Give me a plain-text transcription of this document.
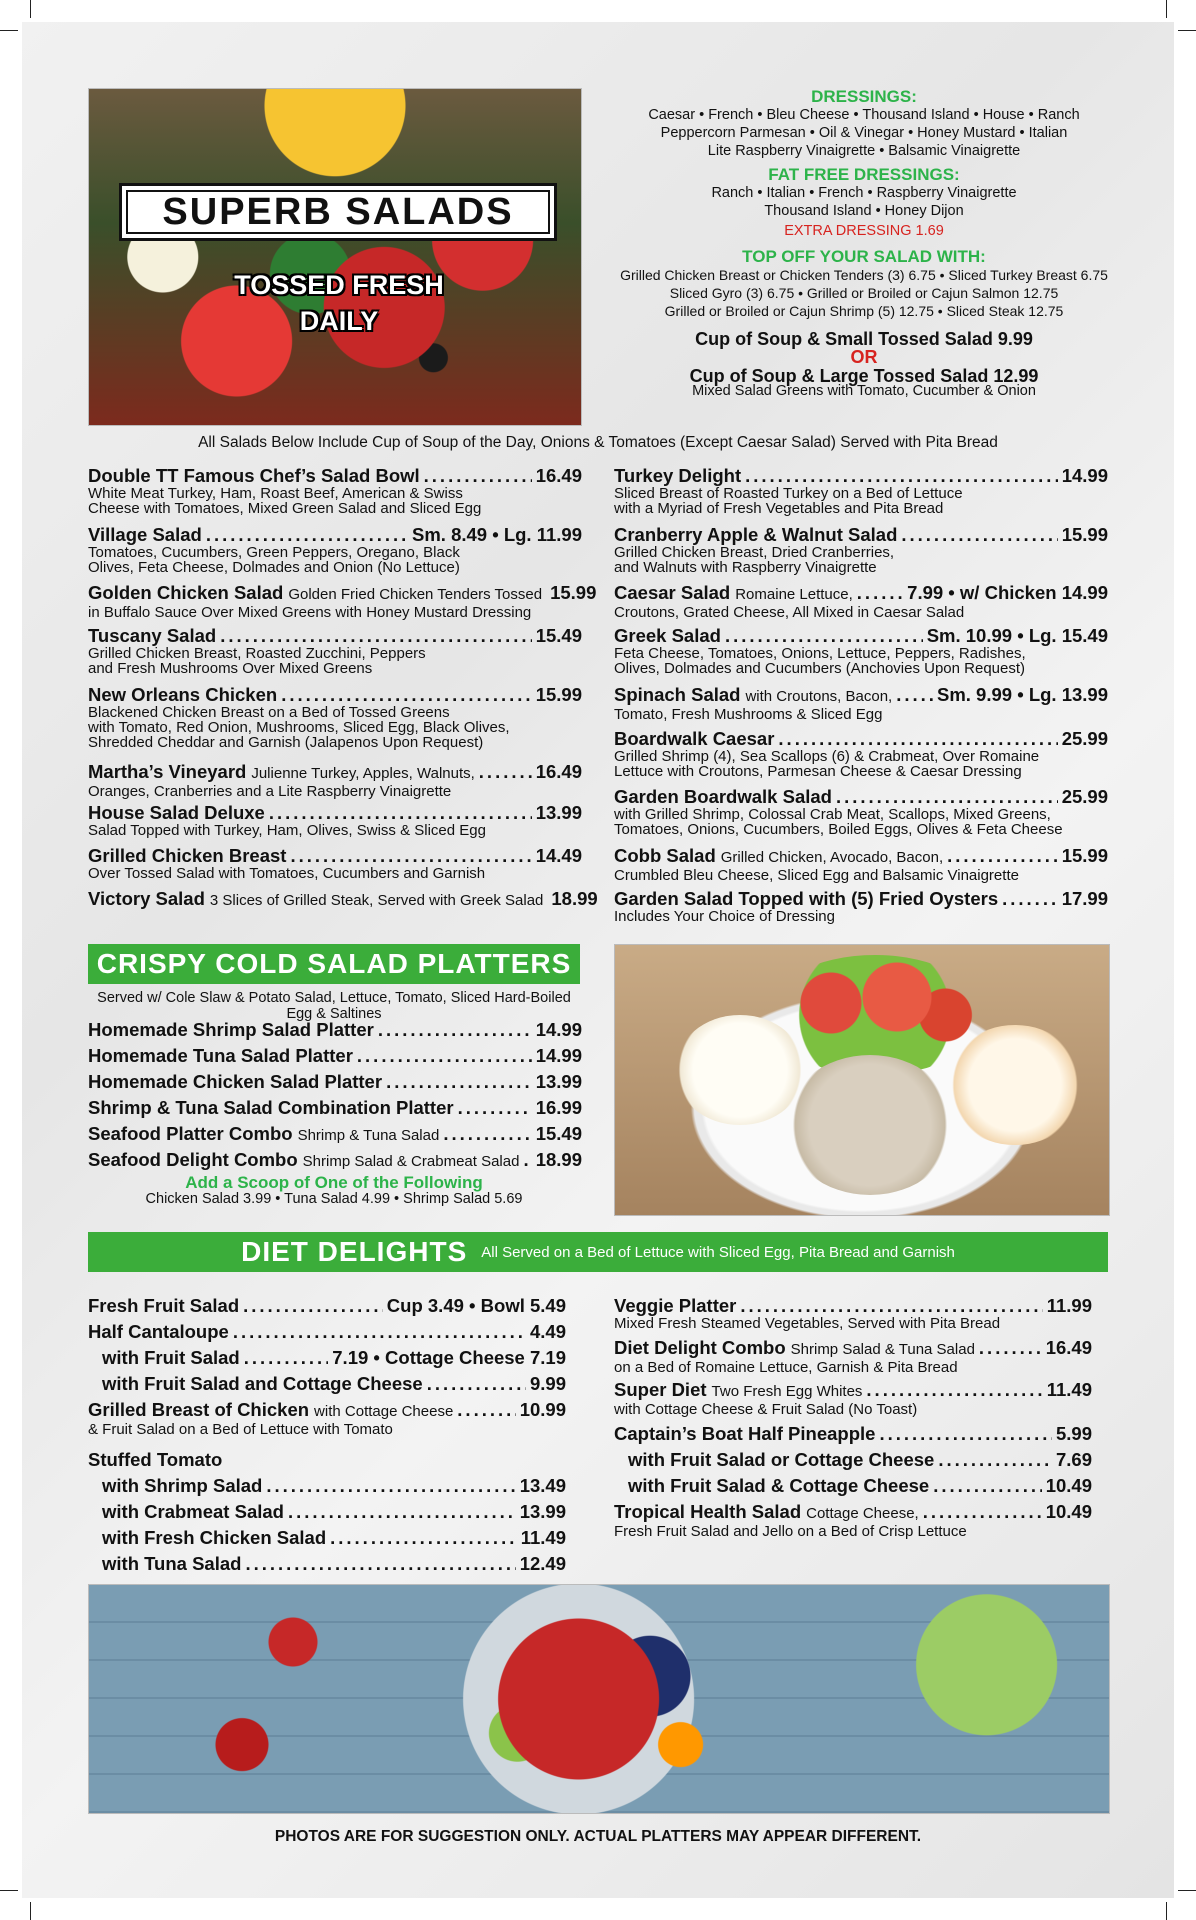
SUPERB SALADS
TOSSED FRESH DAILY
DRESSINGS:
Caesar • French • Bleu Cheese • Thousand Island • House • Ranch
Peppercorn Parmesan • Oil & Vinegar • Honey Mustard • Italian
Lite Raspberry Vinaigrette • Balsamic Vinaigrette
FAT FREE DRESSINGS:
Ranch • Italian • French • Raspberry Vinaigrette
Thousand Island • Honey Dijon
EXTRA DRESSING 1.69
TOP OFF YOUR SALAD WITH:
Grilled Chicken Breast or Chicken Tenders (3) 6.75 • Sliced Turkey Breast 6.75
Sliced Gyro (3) 6.75 • Grilled or Broiled or Cajun Salmon 12.75
Grilled or Broiled or Cajun Shrimp (5) 12.75 • Sliced Steak 12.75
Cup of Soup & Small Tossed Salad 9.99
OR
Cup of Soup & Large Tossed Salad 12.99
Mixed Salad Greens with Tomato, Cucumber & Onion
All Salads Below Include Cup of Soup of the Day, Onions & Tomatoes (Except Caesar Salad) Served with Pita Bread
Double TT Famous Chef’s Salad Bowl .....	16.49
White Meat Turkey, Ham, Roast Beef, American & Swiss
Cheese with Tomatoes, Mixed Green Salad and Sliced Egg
Village Salad .....	Sm. 8.49 • Lg. 11.99
Tomatoes, Cucumbers, Green Peppers, Oregano, Black
Olives, Feta Cheese, Dolmades and Onion (No Lettuce)
Golden Chicken Salad Golden Fried Chicken Tenders Tossed 15.99
in Buffalo Sauce Over Mixed Greens with Honey Mustard Dressing
Tuscany Salad .....	15.49
Grilled Chicken Breast, Roasted Zucchini, Peppers
and Fresh Mushrooms Over Mixed Greens
New Orleans Chicken .....	15.99
Blackened Chicken Breast on a Bed of Tossed Greens
with Tomato, Red Onion, Mushrooms, Sliced Egg, Black Olives,
Shredded Cheddar and Garnish (Jalapenos Upon Request)
Martha’s Vineyard Julienne Turkey, Apples, Walnuts, .....	16.49
Oranges, Cranberries and a Lite Raspberry Vinaigrette
House Salad Deluxe .....	13.99
Salad Topped with Turkey, Ham, Olives, Swiss & Sliced Egg
Grilled Chicken Breast .....	14.49
Over Tossed Salad with Tomatoes, Cucumbers and Garnish
Victory Salad 3 Slices of Grilled Steak, Served with Greek Salad 18.99
Turkey Delight .....	14.99
Sliced Breast of Roasted Turkey on a Bed of Lettuce
with a Myriad of Fresh Vegetables and Pita Bread
Cranberry Apple & Walnut Salad .....	15.99
Grilled Chicken Breast, Dried Cranberries,
and Walnuts with Raspberry Vinaigrette
Caesar Salad Romaine Lettuce, .....	7.99 • w/ Chicken 14.99
Croutons, Grated Cheese, All Mixed in Caesar Salad
Greek Salad .....	Sm. 10.99 • Lg. 15.49
Feta Cheese, Tomatoes, Onions, Lettuce, Peppers, Radishes,
Olives, Dolmades and Cucumbers (Anchovies Upon Request)
Spinach Salad with Croutons, Bacon, ..... Sm. 9.99 • Lg. 13.99
Tomato, Fresh Mushrooms & Sliced Egg
Boardwalk Caesar .....	25.99
Grilled Shrimp (4), Sea Scallops (6) & Crabmeat, Over Romaine
Lettuce with Croutons, Parmesan Cheese & Caesar Dressing
Garden Boardwalk Salad .....	25.99
with Grilled Shrimp, Colossal Crab Meat, Scallops, Mixed Greens,
Tomatoes, Onions, Cucumbers, Boiled Eggs, Olives & Feta Cheese
Cobb Salad Grilled Chicken, Avocado, Bacon, .....	15.99
Crumbled Bleu Cheese, Sliced Egg and Balsamic Vinaigrette
Garden Salad Topped with (5) Fried Oysters .....	17.99
Includes Your Choice of Dressing
CRISPY COLD SALAD PLATTERS
Served w/ Cole Slaw & Potato Salad, Lettuce, Tomato, Sliced Hard-Boiled Egg & Saltines
Homemade Shrimp Salad Platter .....	14.99
Homemade Tuna Salad Platter .....	14.99
Homemade Chicken Salad Platter .....	13.99
Shrimp & Tuna Salad Combination Platter .....	16.99
Seafood Platter Combo Shrimp & Tuna Salad .....	15.49
Seafood Delight Combo Shrimp Salad & Crabmeat Salad ..... 18.99
Add a Scoop of One of the Following
Chicken Salad 3.99 • Tuna Salad 4.99 • Shrimp Salad 5.69
DIET DELIGHTS All Served on a Bed of Lettuce with Sliced Egg, Pita Bread and Garnish
Fresh Fruit Salad .....	Cup 3.49 • Bowl 5.49
Half Cantaloupe .....	4.49
with Fruit Salad .....	7.19 • Cottage Cheese 7.19
with Fruit Salad and Cottage Cheese .....	9.99
Grilled Breast of Chicken with Cottage Cheese .....	10.99
& Fruit Salad on a Bed of Lettuce with Tomato
Stuffed Tomato
with Shrimp Salad .....	13.49
with Crabmeat Salad .....	13.99
with Fresh Chicken Salad .....	11.49
with Tuna Salad .....	12.49
Veggie Platter .....	11.99
Mixed Fresh Steamed Vegetables, Served with Pita Bread
Diet Delight Combo Shrimp Salad & Tuna Salad .....	16.49
on a Bed of Romaine Lettuce, Garnish & Pita Bread
Super Diet Two Fresh Egg Whites .....	11.49
with Cottage Cheese & Fruit Salad (No Toast)
Captain’s Boat Half Pineapple .....	5.99
with Fruit Salad or Cottage Cheese .....	7.69
with Fruit Salad & Cottage Cheese .....	10.49
Tropical Health Salad Cottage Cheese, .....	10.49
Fresh Fruit Salad and Jello on a Bed of Crisp Lettuce
PHOTOS ARE FOR SUGGESTION ONLY. ACTUAL PLATTERS MAY APPEAR DIFFERENT.
